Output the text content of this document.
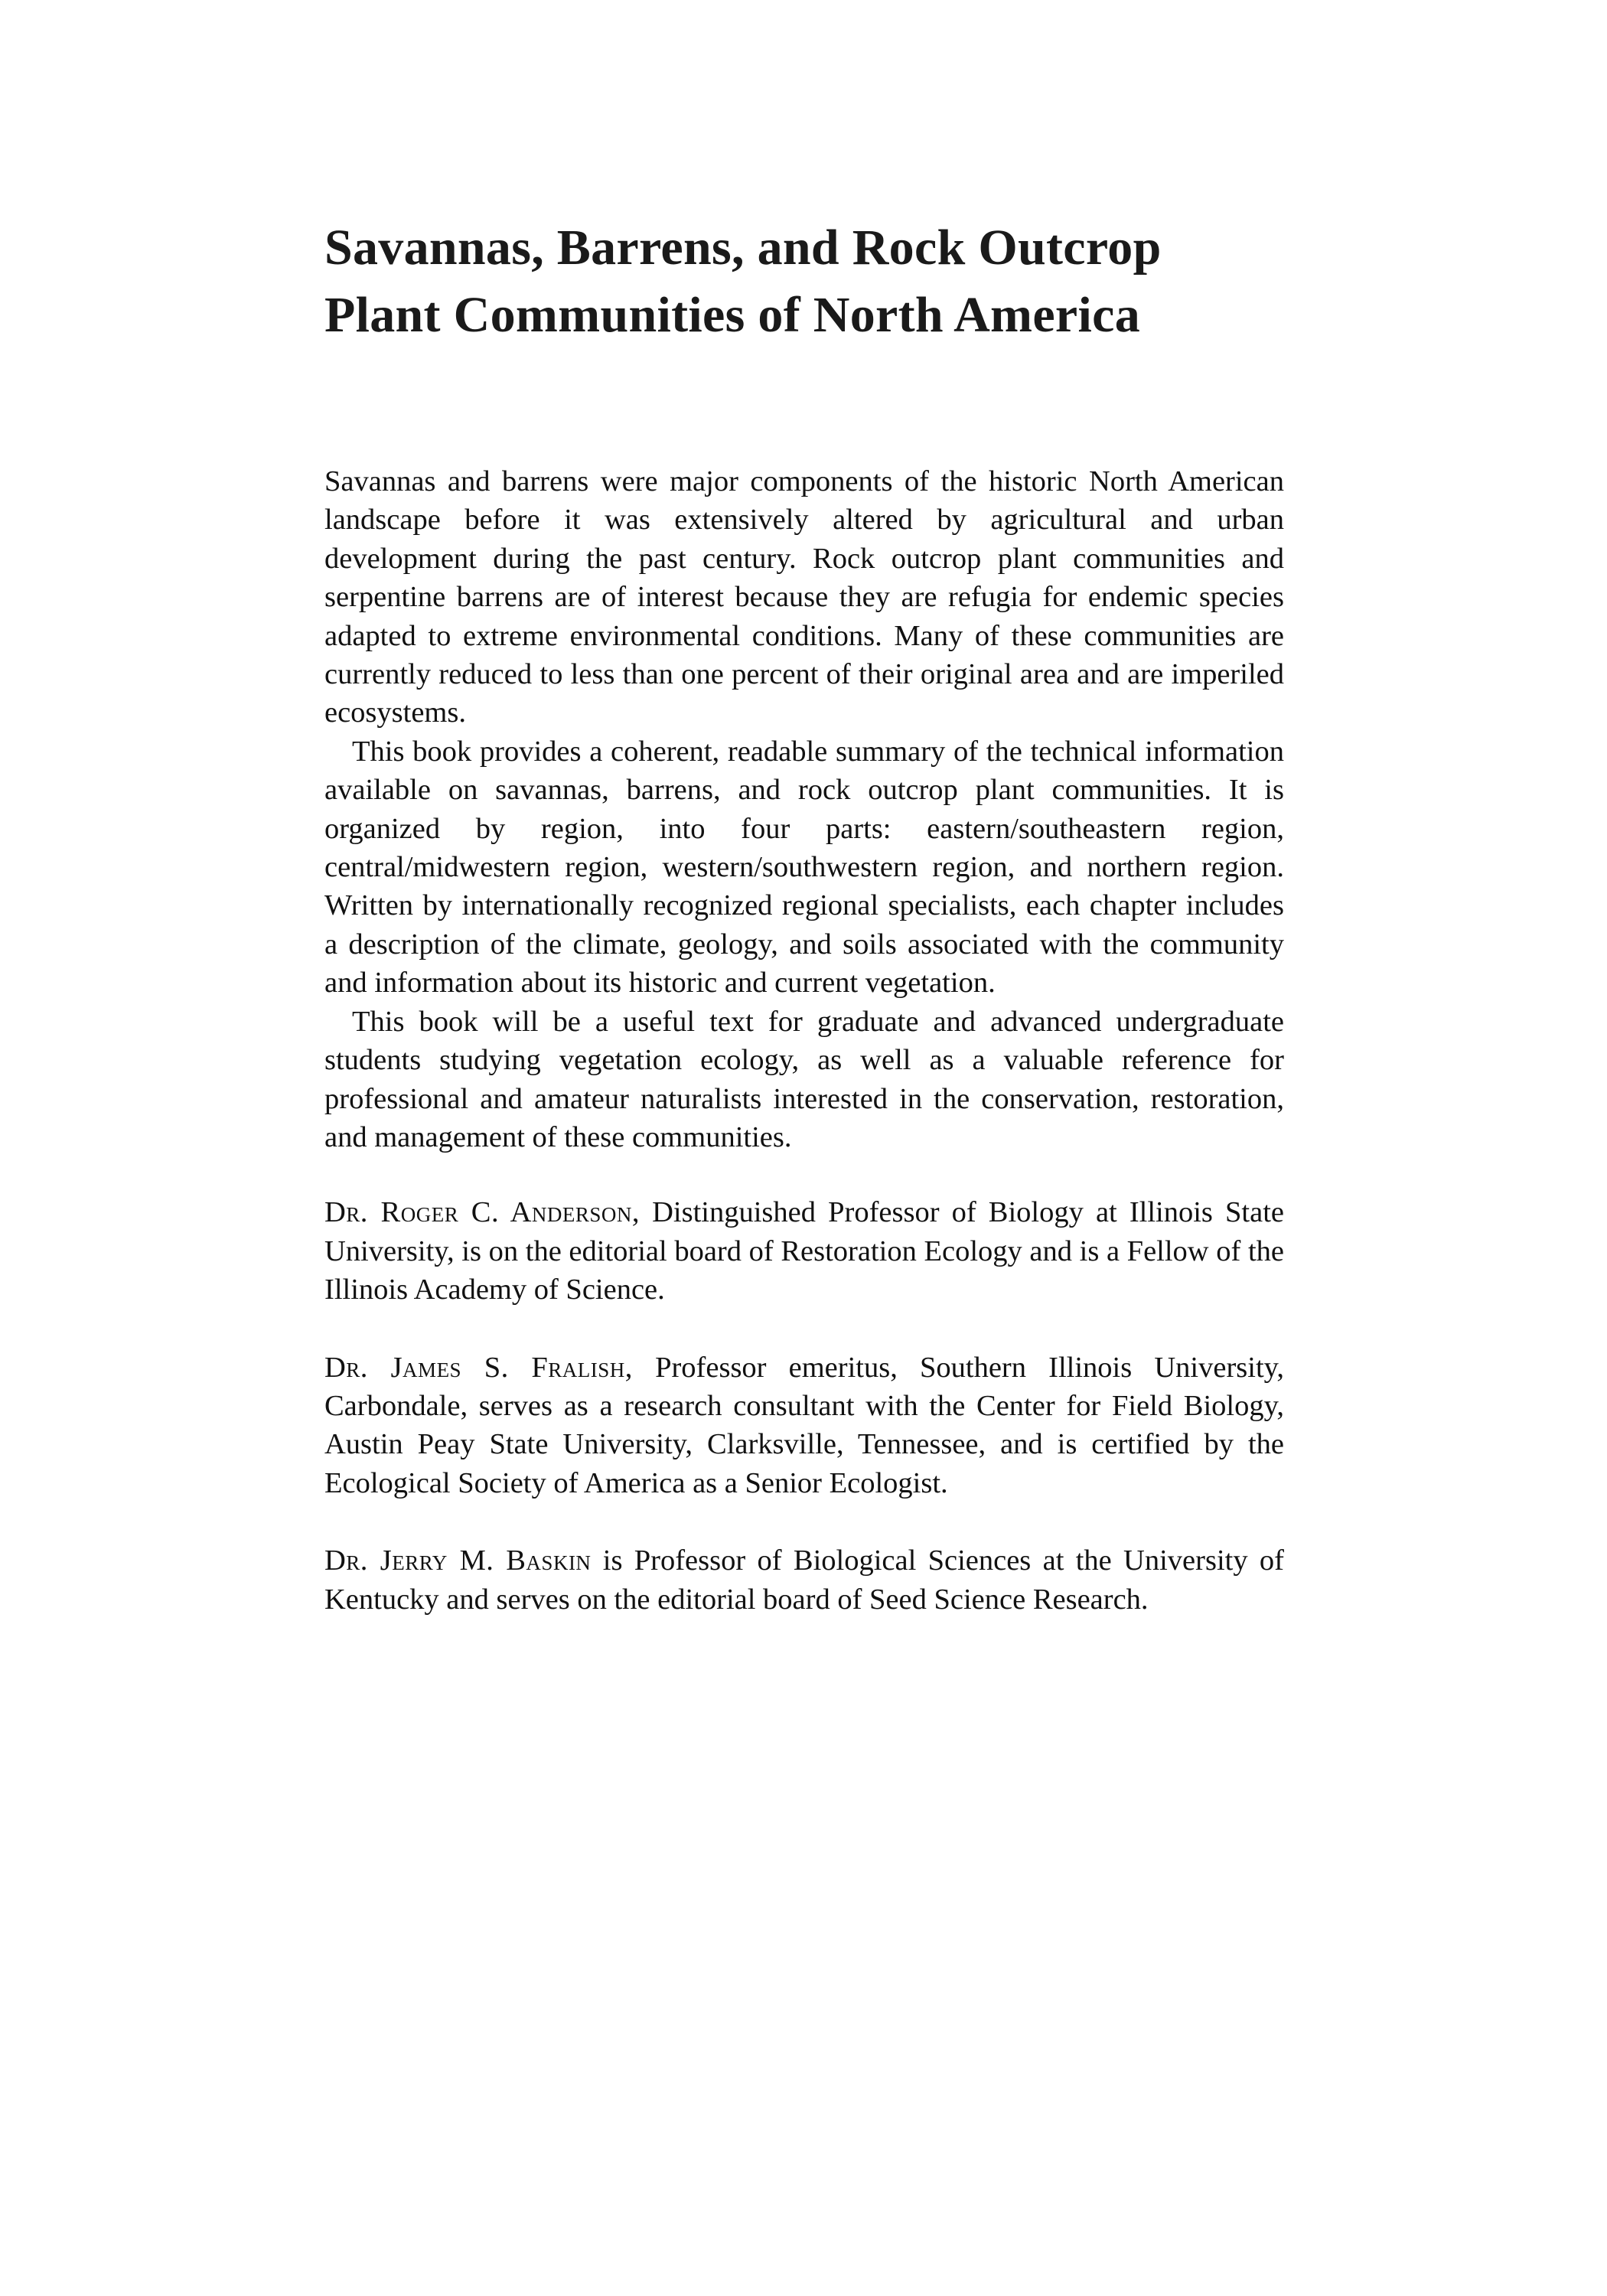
Savannas, Barrens, and Rock Outcrop
Plant Communities of North America

Savannas and barrens were major components of the historic North American landscape before it was extensively altered by agricultural and urban development during the past century. Rock outcrop plant communities and serpentine barrens are of interest because they are refugia for endemic species adapted to extreme environmental conditions. Many of these communities are currently reduced to less than one percent of their original area and are imperiled ecosystems.

This book provides a coherent, readable summary of the technical information available on savannas, barrens, and rock outcrop plant communities. It is organized by region, into four parts: eastern/southeastern region, central/midwestern region, western/southwestern region, and northern region. Written by internationally recognized regional specialists, each chapter includes a description of the climate, geology, and soils associated with the community and information about its historic and current vegetation.

This book will be a useful text for graduate and advanced undergraduate students studying vegetation ecology, as well as a valuable reference for professional and amateur naturalists interested in the conservation, restoration, and management of these communities.

Dr. Roger C. Anderson, Distinguished Professor of Biology at Illinois State University, is on the editorial board of Restoration Ecology and is a Fellow of the Illinois Academy of Science.

Dr. James S. Fralish, Professor emeritus, Southern Illinois University, Carbondale, serves as a research consultant with the Center for Field Biology, Austin Peay State University, Clarksville, Tennessee, and is certified by the Ecological Society of America as a Senior Ecologist.

Dr. Jerry M. Baskin is Professor of Biological Sciences at the University of Kentucky and serves on the editorial board of Seed Science Research.
